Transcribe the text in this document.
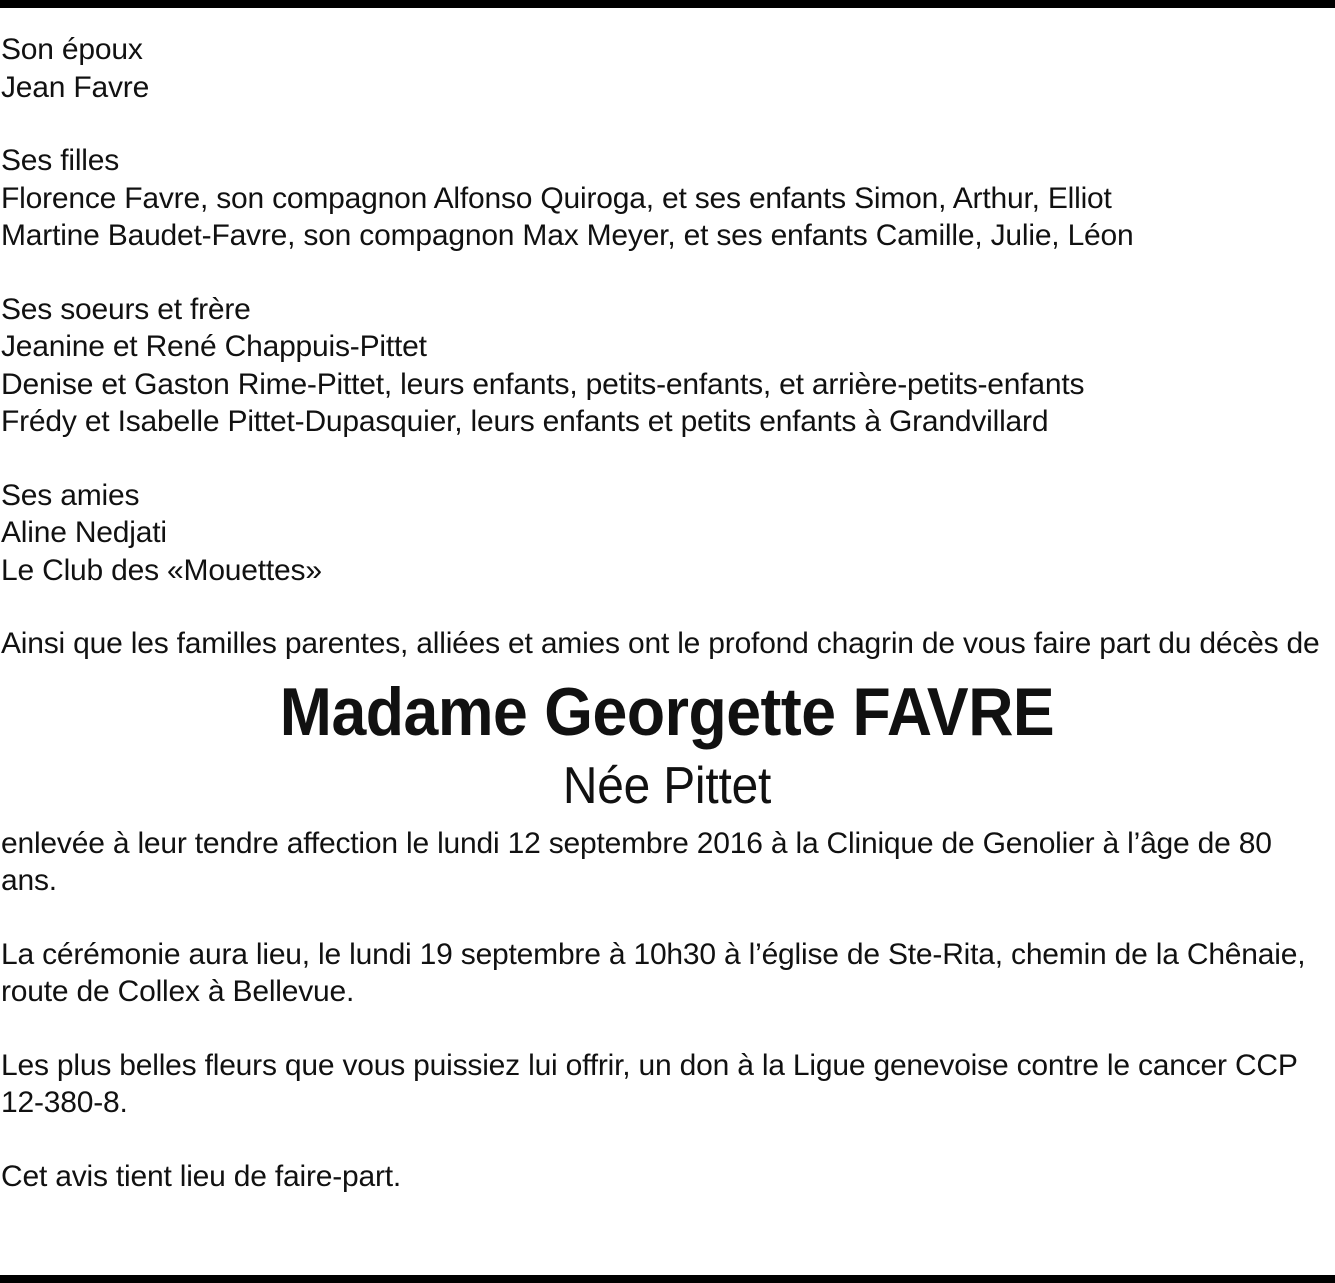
Son époux
Jean Favre
Ses filles
Florence Favre, son compagnon Alfonso Quiroga, et ses enfants Simon, Arthur, Elliot
Martine Baudet-Favre, son compagnon Max Meyer, et ses enfants Camille, Julie, Léon
Ses soeurs et frère
Jeanine et René Chappuis-Pittet
Denise et Gaston Rime-Pittet, leurs enfants, petits-enfants, et arrière-petits-enfants
Frédy et Isabelle Pittet-Dupasquier, leurs enfants et petits enfants à Grandvillard
Ses amies
Aline Nedjati
Le Club des «Mouettes»
Ainsi que les familles parentes, alliées et amies ont le profond chagrin de vous faire part du décès de
Madame Georgette FAVRE
Née Pittet
enlevée à leur tendre affection le lundi 12 septembre 2016 à la Clinique de Genolier à l’âge de 80 ans.
La cérémonie aura lieu, le lundi 19 septembre à 10h30 à l’église de Ste-Rita, chemin de la Chênaie, route de Collex à Bellevue.
Les plus belles fleurs que vous puissiez lui offrir, un don à la Ligue genevoise contre le cancer CCP 12-380-8.
Cet avis tient lieu de faire-part.
